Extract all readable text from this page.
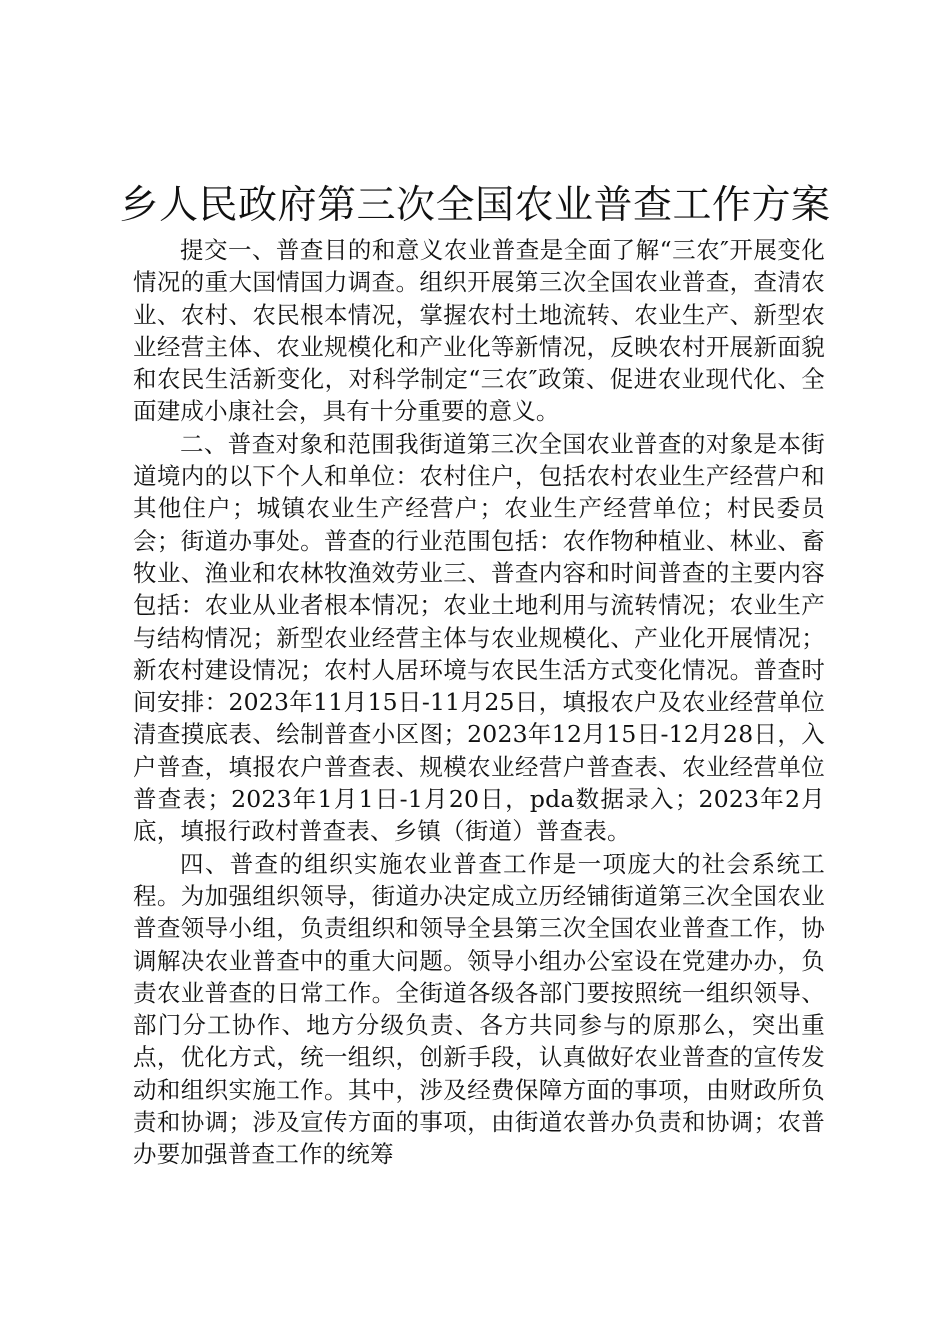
乡人民政府第三次全国农业普查工作方案

提交一、普查目的和意义农业普查是全面了解“三农″开展变化情况的重大国情国力调查。组织开展第三次全国农业普查，查清农业、农村、农民根本情况，掌握农村土地流转、农业生产、新型农业经营主体、农业规模化和产业化等新情况，反映农村开展新面貌和农民生活新变化，对科学制定“三农″政策、促进农业现代化、全面建成小康社会，具有十分重要的意义。

二、普查对象和范围我街道第三次全国农业普查的对象是本街道境内的以下个人和单位：农村住户，包括农村农业生产经营户和其他住户；城镇农业生产经营户；农业生产经营单位；村民委员会；街道办事处。普查的行业范围包括：农作物种植业、林业、畜牧业、渔业和农林牧渔效劳业三、普查内容和时间普查的主要内容包括：农业从业者根本情况；农业土地利用与流转情况；农业生产与结构情况；新型农业经营主体与农业规模化、产业化开展情况；新农村建设情况；农村人居环境与农民生活方式变化情况。普查时间安排：2023年11月15日-11月25日，填报农户及农业经营单位清查摸底表、绘制普查小区图；2023年12月15日-12月28日，入户普查，填报农户普查表、规模农业经营户普查表、农业经营单位普查表；2023年1月1日-1月20日，pda数据录入；2023年2月底，填报行政村普查表、乡镇（街道）普查表。

四、普查的组织实施农业普查工作是一项庞大的社会系统工程。为加强组织领导，街道办决定成立历经铺街道第三次全国农业普查领导小组，负责组织和领导全县第三次全国农业普查工作，协调解决农业普查中的重大问题。领导小组办公室设在党建办办，负责农业普查的日常工作。全街道各级各部门要按照统一组织领导、部门分工协作、地方分级负责、各方共同参与的原那么，突出重点，优化方式，统一组织，创新手段，认真做好农业普查的宣传发动和组织实施工作。其中，涉及经费保障方面的事项，由财政所负责和协调；涉及宣传方面的事项，由街道农普办负责和协调；农普办要加强普查工作的统筹
